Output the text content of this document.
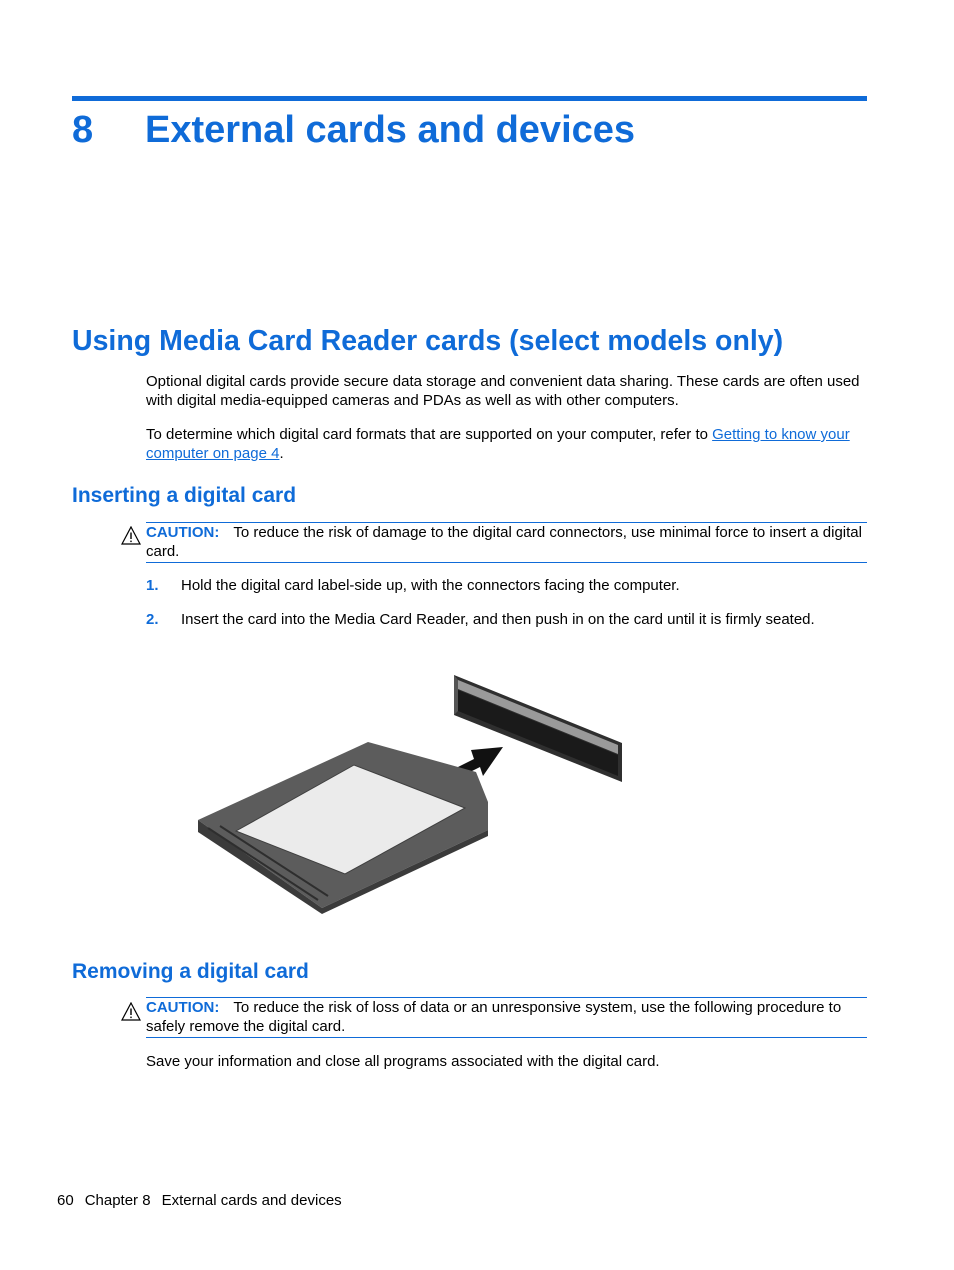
8 External cards and devices
Using Media Card Reader cards (select models only)
Optional digital cards provide secure data storage and convenient data sharing. These cards are often used with digital media-equipped cameras and PDAs as well as with other computers.
To determine which digital card formats that are supported on your computer, refer to Getting to know your computer on page 4.
Inserting a digital card
CAUTION: To reduce the risk of damage to the digital card connectors, use minimal force to insert a digital card.
1. Hold the digital card label-side up, with the connectors facing the computer.
2. Insert the card into the Media Card Reader, and then push in on the card until it is firmly seated.
Removing a digital card
CAUTION: To reduce the risk of loss of data or an unresponsive system, use the following procedure to safely remove the digital card.
Save your information and close all programs associated with the digital card.
60 Chapter 8 External cards and devices
